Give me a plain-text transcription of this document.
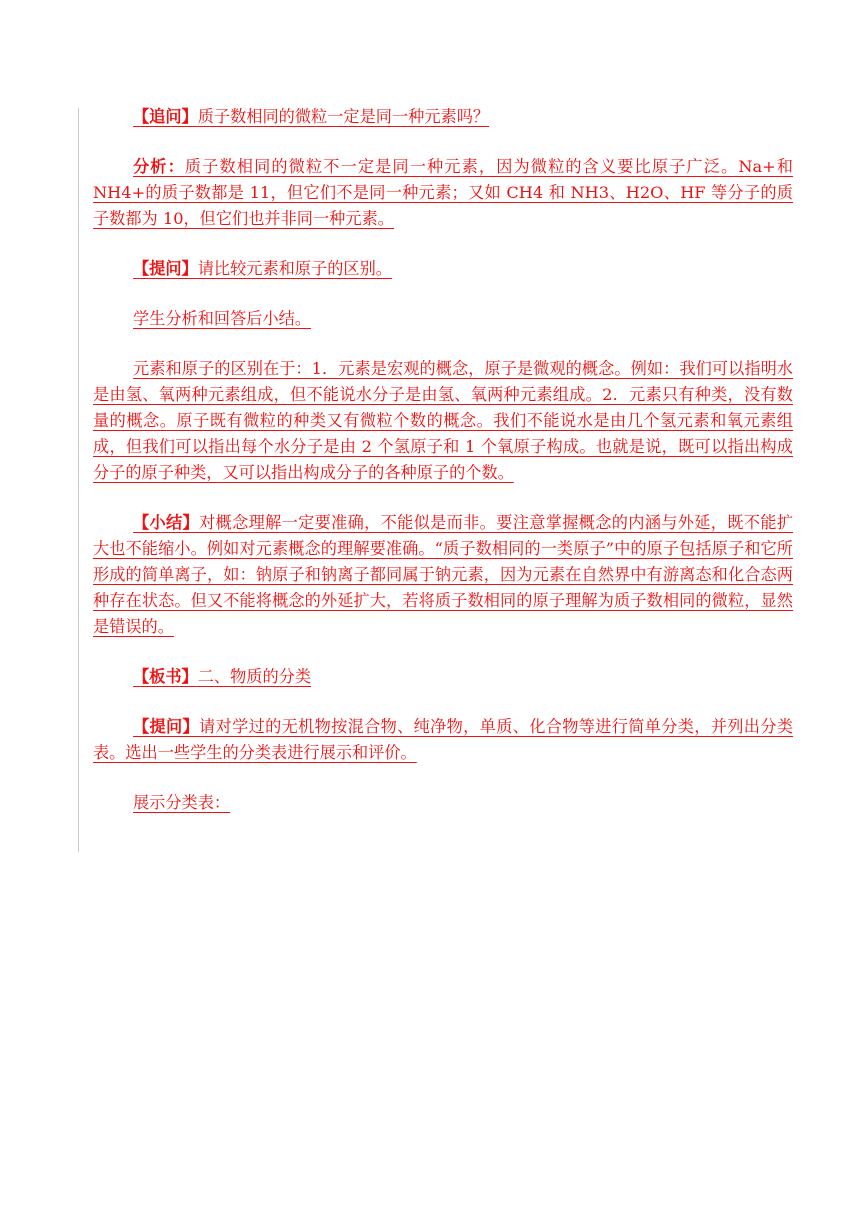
【追问】质子数相同的微粒一定是同一种元素吗？

分析：质子数相同的微粒不一定是同一种元素，因为微粒的含义要比原子广泛。Na+和NH4+的质子数都是 11，但它们不是同一种元素；又如 CH4 和 NH3、H2O、HF 等分子的质子数都为 10，但它们也并非同一种元素。

【提问】请比较元素和原子的区别。

学生分析和回答后小结。

元素和原子的区别在于：1．元素是宏观的概念，原子是微观的概念。例如：我们可以指明水是由氢、氧两种元素组成，但不能说水分子是由氢、氧两种元素组成。2．元素只有种类，没有数量的概念。原子既有微粒的种类又有微粒个数的概念。我们不能说水是由几个氢元素和氧元素组成，但我们可以指出每个水分子是由 2 个氢原子和 1 个氧原子构成。也就是说，既可以指出构成分子的原子种类，又可以指出构成分子的各种原子的个数。

【小结】对概念理解一定要准确，不能似是而非。要注意掌握概念的内涵与外延，既不能扩大也不能缩小。例如对元素概念的理解要准确。“质子数相同的一类原子”中的原子包括原子和它所形成的简单离子，如：钠原子和钠离子都同属于钠元素，因为元素在自然界中有游离态和化合态两种存在状态。但又不能将概念的外延扩大，若将质子数相同的原子理解为质子数相同的微粒，显然是错误的。

【板书】二、物质的分类

【提问】请对学过的无机物按混合物、纯净物，单质、化合物等进行简单分类，并列出分类表。选出一些学生的分类表进行展示和评价。

展示分类表：
